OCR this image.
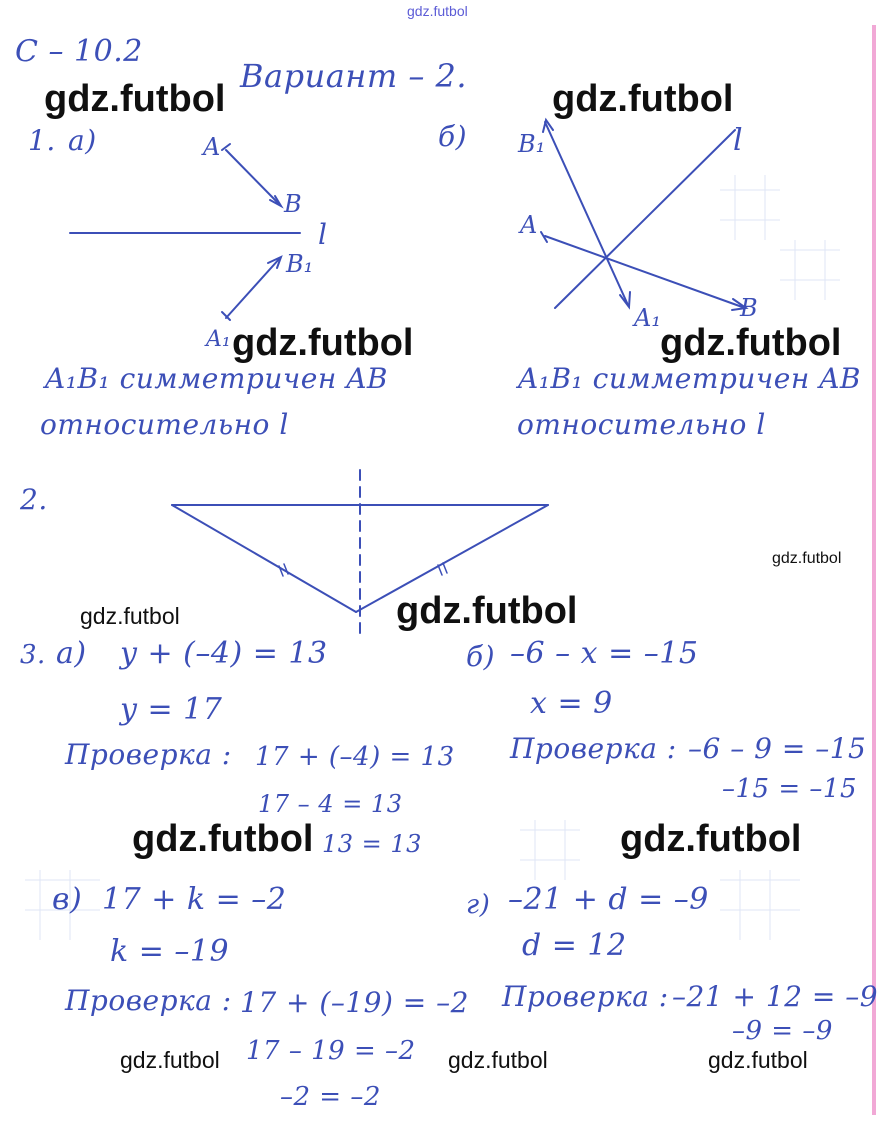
gdz.futbol
С – 10.2
Вариант – 2.
1. а)	б)
A
B
l
B₁
A₁
B₁	l
A
A₁	B
A₁B₁ симметричен AB
относительно l
A₁B₁ симметричен AB
относительно l
2.
3. а) y + (–4) = 13
y = 17
Проверка : 17 + (–4) = 13
17 – 4 = 13
13 = 13
б) –6 – x = –15
x = 9
Проверка : –6 – 9 = –15
–15 = –15
в) 17 + k = –2
k = –19
Проверка : 17 + (–19) = –2
17 – 19 = –2
–2 = –2
г) –21 + d = –9
d = 12
Проверка : –21 + 12 = –9
–9 = –9
gdz.futbol	gdz.futbol
gdz.futbol	gdz.futbol
gdz.futbol
gdz.futbol	gdz.futbol
gdz.futbol
gdz.futbol	gdz.futbol	gdz.futbol
gdz.futbol
